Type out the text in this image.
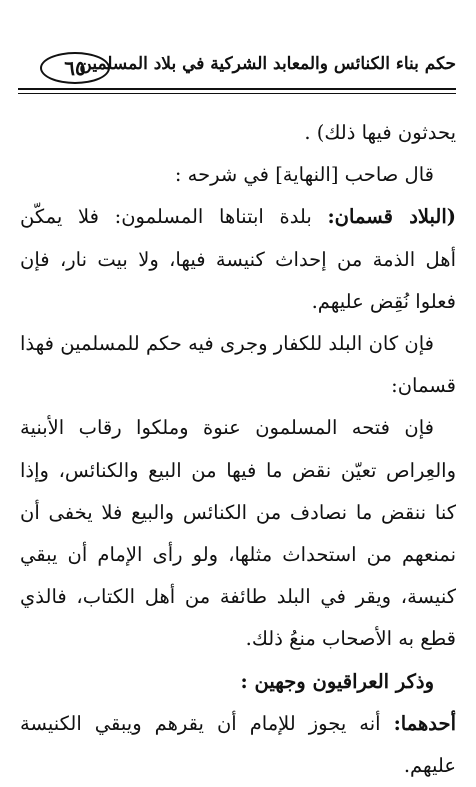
حكم بناء الكنائس والمعابد الشركية في بلاد المسلمين
٦٥
يحدثون فيها ذلك) .
قال صاحب [النهاية] في شرحه :
(البلاد قسمان: بلدة ابتناها المسلمون: فلا يمكّن
أهل الذمة من إحداث كنيسة فيها، ولا بيت نار، فإن
فعلوا نُقِض عليهم.
فإن كان البلد للكفار وجرى فيه حكم للمسلمين فهذا
قسمان:
فإن فتحه المسلمون عنوة وملكوا رقاب الأبنية
والعِراص تعيّن نقض ما فيها من البيع والكنائس، وإذا
كنا ننقض ما نصادف من الكنائس والبيع فلا يخفى أن
نمنعهم من استحداث مثلها، ولو رأى الإمام أن يبقي
كنيسة، ويقر في البلد طائفة من أهل الكتاب، فالذي
قطع به الأصحاب منعُ ذلك.
وذكر العراقيون وجهين :
أحدهما: أنه يجوز للإمام أن يقرهم ويبقي الكنيسة
عليهم.
